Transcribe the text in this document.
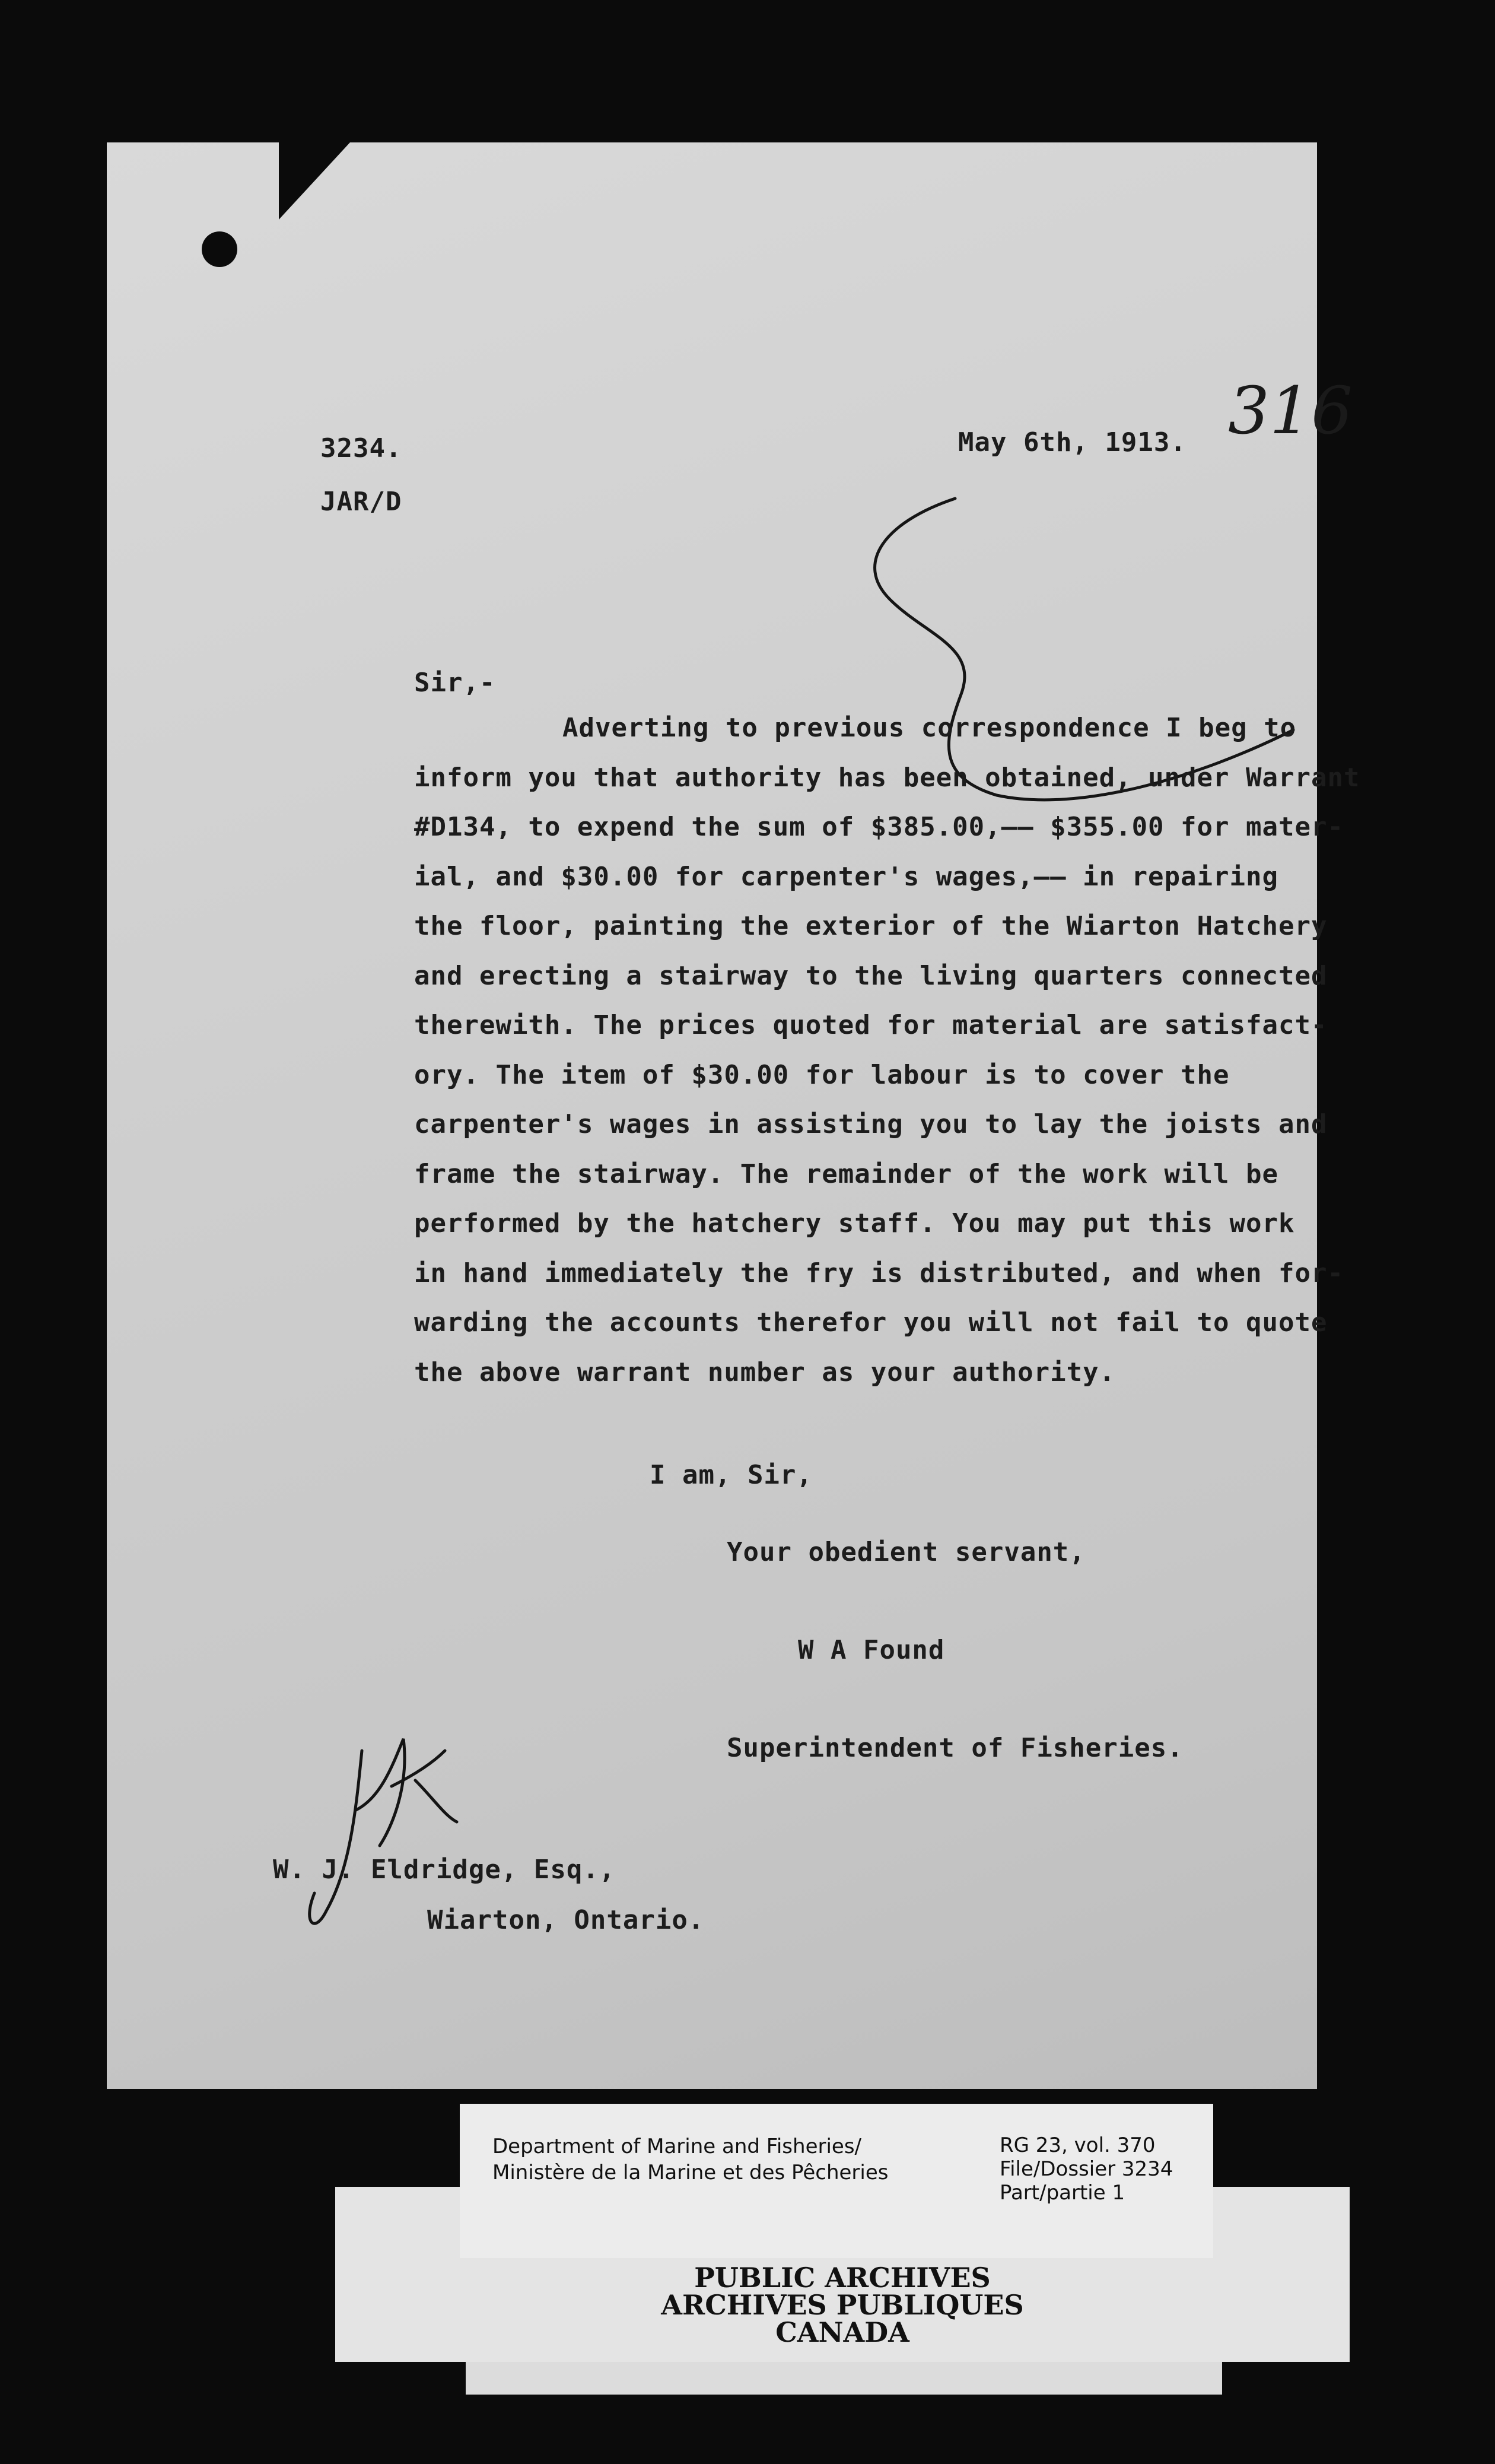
316
3234.
JAR/D
May 6th, 1913.
Sir,-
Adverting to previous correspondence I beg to
inform you that authority has been obtained, under Warrant
#D134, to expend the sum of $385.00,—— $355.00 for mater-
ial, and $30.00 for carpenter's wages,—— in repairing
the floor, painting the exterior of the Wiarton Hatchery
and erecting a stairway to the living quarters connected
therewith. The prices quoted for material are satisfact-
ory. The item of $30.00 for labour is to cover the
carpenter's wages in assisting you to lay the joists and
frame the stairway. The remainder of the work will be
performed by the hatchery staff. You may put this work
in hand immediately the fry is distributed, and when for-
warding the accounts therefor you will not fail to quote
the above warrant number as your authority.
I am, Sir,
Your obedient servant,
W A Found
Superintendent of Fisheries.
W. J. Eldridge, Esq.,
Wiarton, Ontario.
PUBLIC ARCHIVES
ARCHIVES PUBLIQUES
CANADA
Department of Marine and Fisheries/
Ministère de la Marine et des Pêcheries
RG 23, vol. 370
File/Dossier 3234
Part/partie 1
